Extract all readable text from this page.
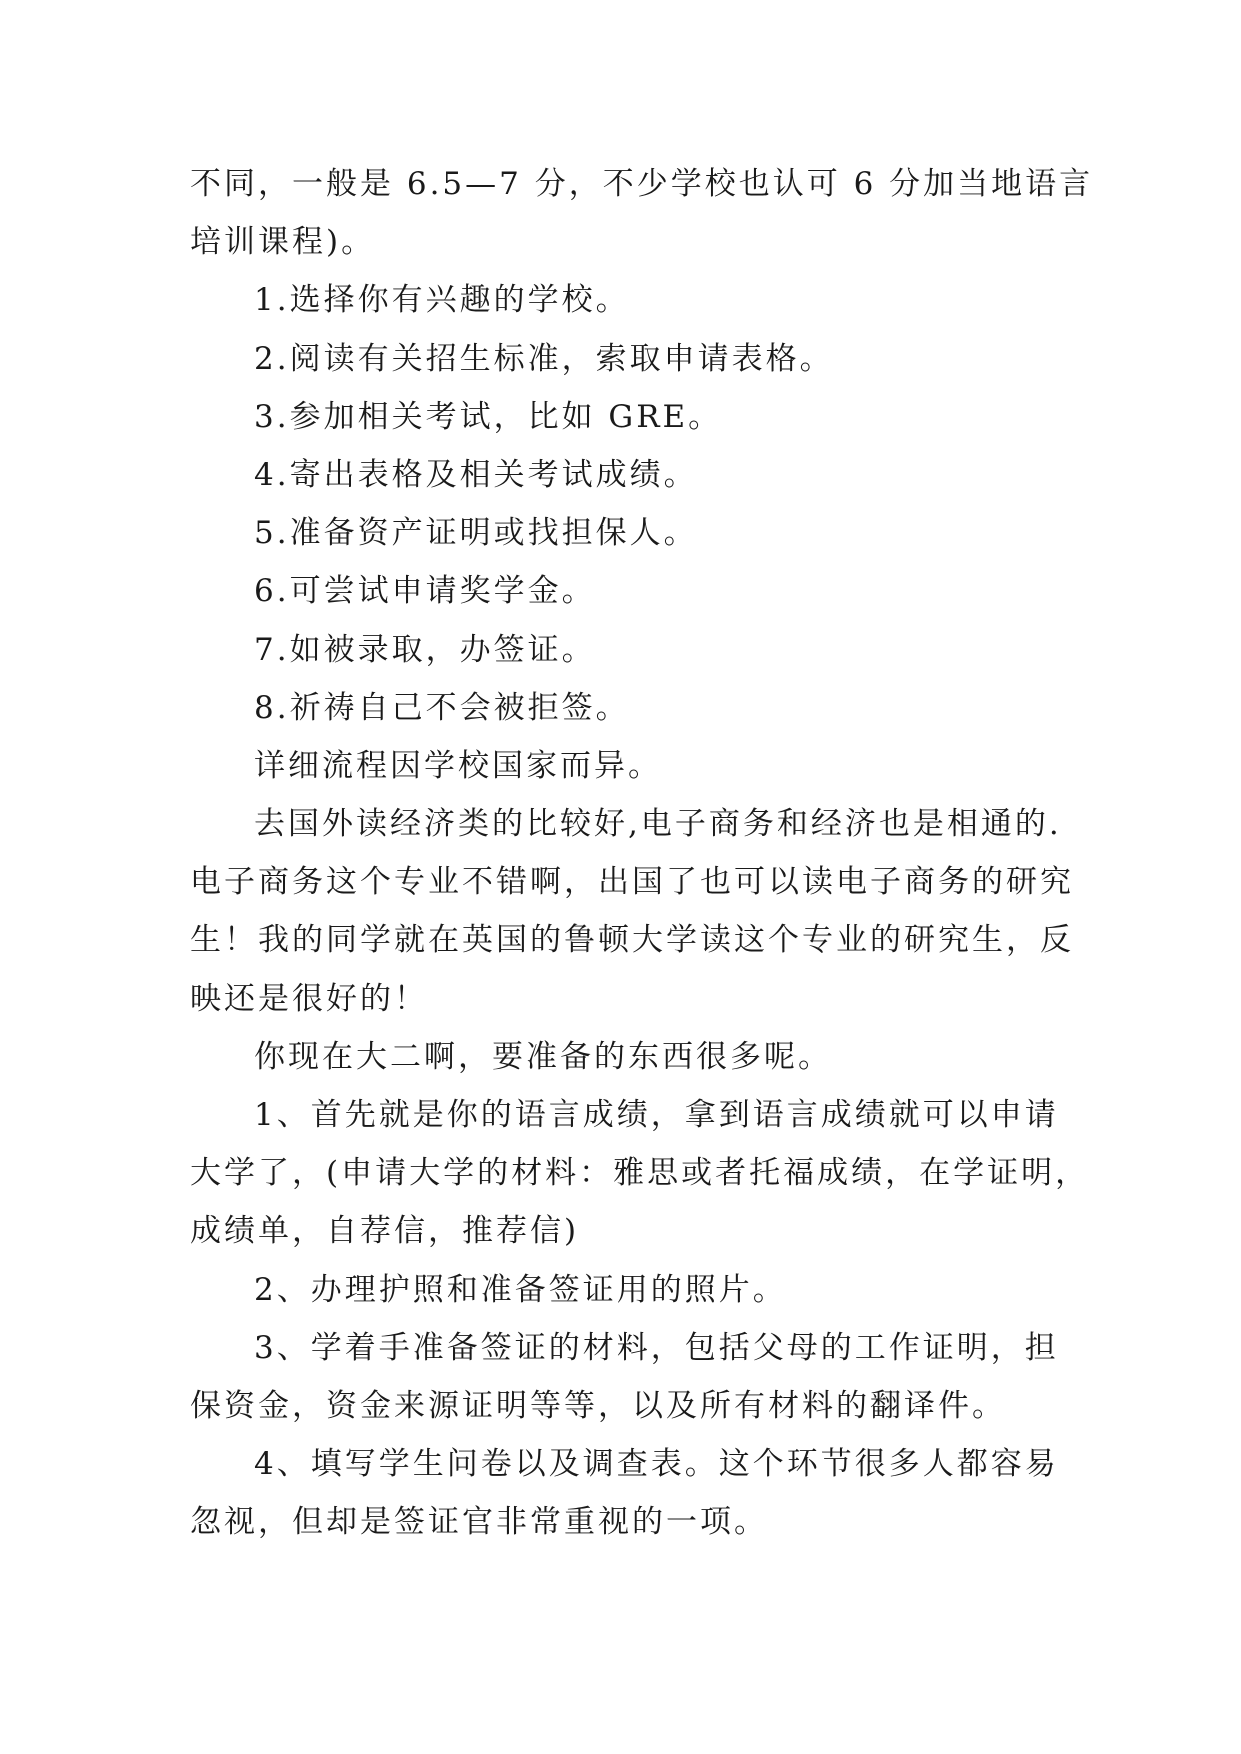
不同，一般是 6.5—7 分，不少学校也认可 6 分加当地语言
培训课程)。
1.选择你有兴趣的学校。
2.阅读有关招生标准，索取申请表格。
3.参加相关考试，比如 GRE。
4.寄出表格及相关考试成绩。
5.准备资产证明或找担保人。
6.可尝试申请奖学金。
7.如被录取，办签证。
8.祈祷自己不会被拒签。
详细流程因学校国家而异。
去国外读经济类的比较好,电子商务和经济也是相通的.
电子商务这个专业不错啊，出国了也可以读电子商务的研究
生！我的同学就在英国的鲁顿大学读这个专业的研究生，反
映还是很好的！
你现在大二啊，要准备的东西很多呢。
1、首先就是你的语言成绩，拿到语言成绩就可以申请
大学了，(申请大学的材料：雅思或者托福成绩，在学证明，
成绩单，自荐信，推荐信)
2、办理护照和准备签证用的照片。
3、学着手准备签证的材料，包括父母的工作证明，担
保资金，资金来源证明等等，以及所有材料的翻译件。
4、填写学生问卷以及调查表。这个环节很多人都容易
忽视，但却是签证官非常重视的一项。
